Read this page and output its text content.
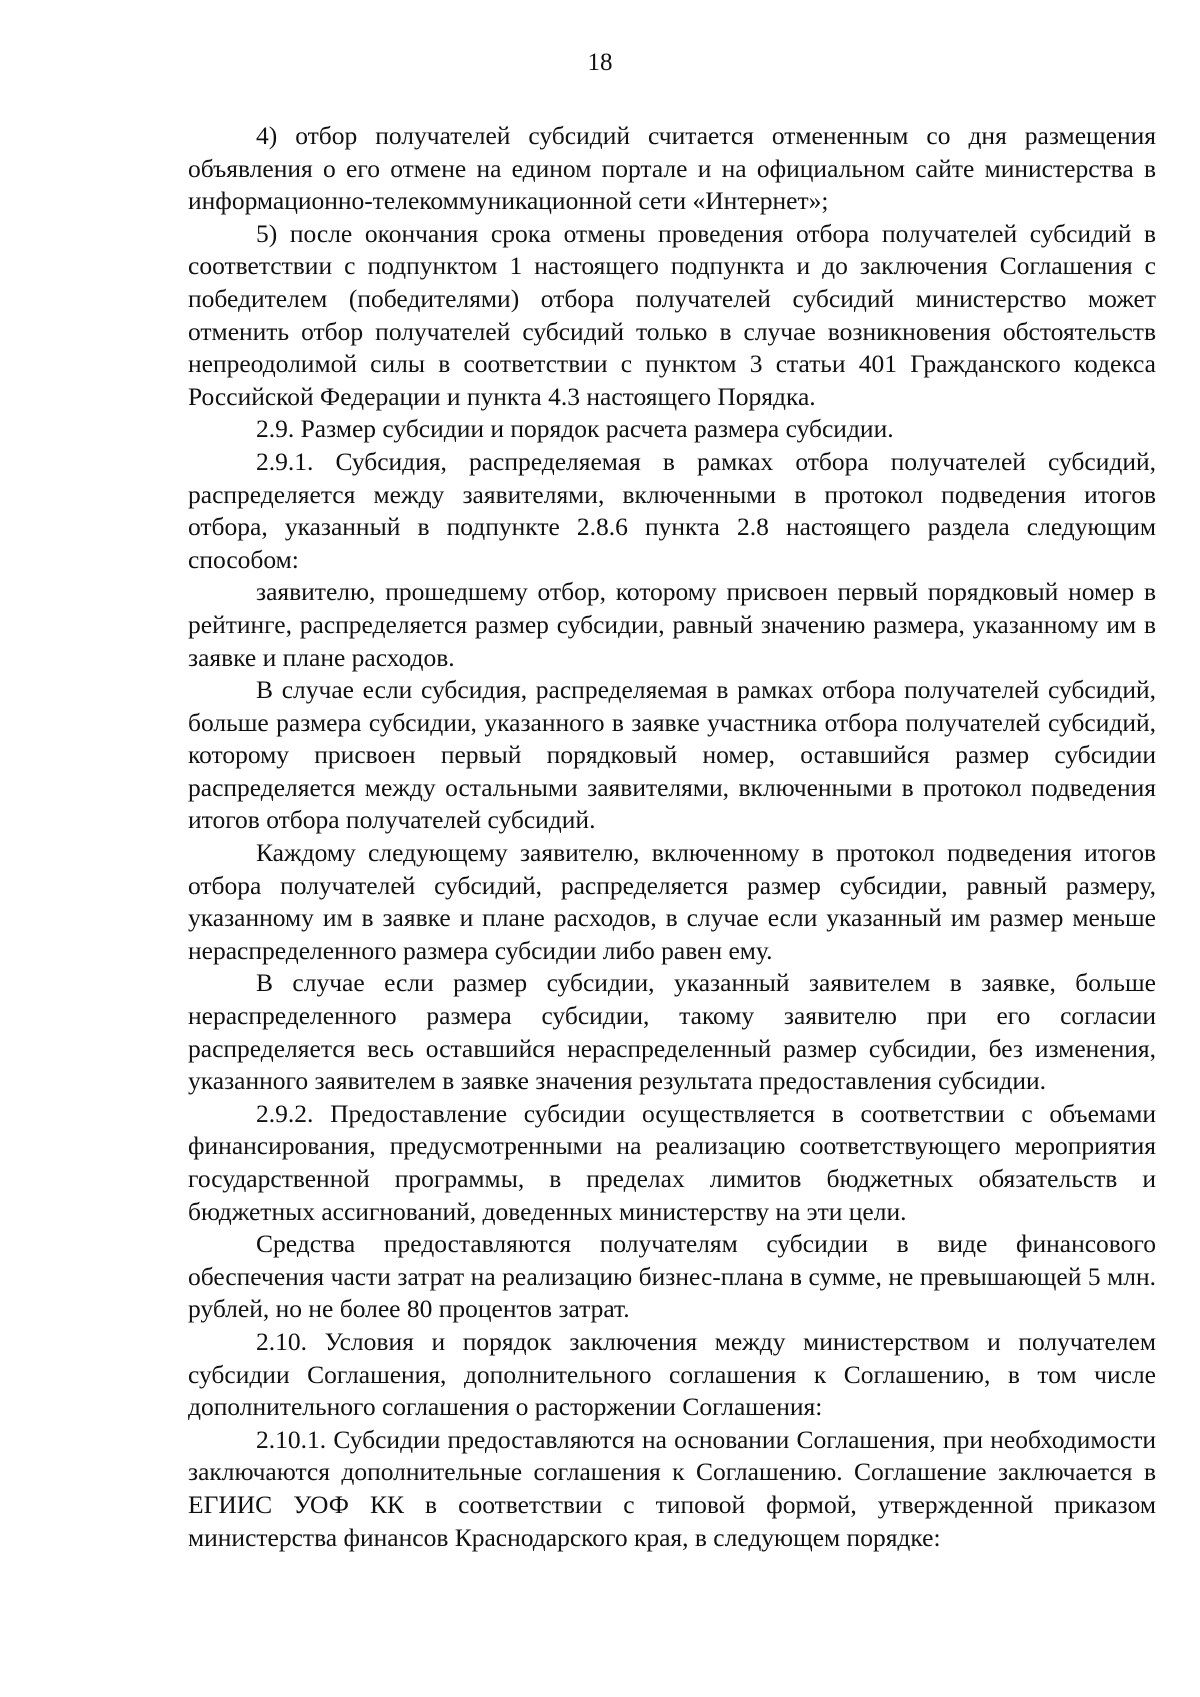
18

4) отбор получателей субсидий считается отмененным со дня размещения объявления о его отмене на едином портале и на официальном сайте министерства в информационно-телекоммуникационной сети «Интернет»;

5) после окончания срока отмены проведения отбора получателей субсидий в соответствии с подпунктом 1 настоящего подпункта и до заключения Соглашения с победителем (победителями) отбора получателей субсидий министерство может отменить отбор получателей субсидий только в случае возникновения обстоятельств непреодолимой силы в соответствии с пунктом 3 статьи 401 Гражданского кодекса Российской Федерации и пункта 4.3 настоящего Порядка.

2.9. Размер субсидии и порядок расчета размера субсидии.

2.9.1. Субсидия, распределяемая в рамках отбора получателей субсидий, распределяется между заявителями, включенными в протокол подведения итогов отбора, указанный в подпункте 2.8.6 пункта 2.8 настоящего раздела следующим способом:

заявителю, прошедшему отбор, которому присвоен первый порядковый номер в рейтинге, распределяется размер субсидии, равный значению размера, указанному им в заявке и плане расходов.

В случае если субсидия, распределяемая в рамках отбора получателей субсидий, больше размера субсидии, указанного в заявке участника отбора получателей субсидий, которому присвоен первый порядковый номер, оставшийся размер субсидии распределяется между остальными заявителями, включенными в протокол подведения итогов отбора получателей субсидий.

Каждому следующему заявителю, включенному в протокол подведения итогов отбора получателей субсидий, распределяется размер субсидии, равный размеру, указанному им в заявке и плане расходов, в случае если указанный им размер меньше нераспределенного размера субсидии либо равен ему.

В случае если размер субсидии, указанный заявителем в заявке, больше нераспределенного размера субсидии, такому заявителю при его согласии распределяется весь оставшийся нераспределенный размер субсидии, без изменения, указанного заявителем в заявке значения результата предоставления субсидии.

2.9.2. Предоставление субсидии осуществляется в соответствии с объемами финансирования, предусмотренными на реализацию соответствующего мероприятия государственной программы, в пределах лимитов бюджетных обязательств и бюджетных ассигнований, доведенных министерству на эти цели.

Средства предоставляются получателям субсидии в виде финансового обеспечения части затрат на реализацию бизнес-плана в сумме, не превышающей 5 млн. рублей, но не более 80 процентов затрат.

2.10. Условия и порядок заключения между министерством и получателем субсидии Соглашения, дополнительного соглашения к Соглашению, в том числе дополнительного соглашения о расторжении Соглашения:

2.10.1. Субсидии предоставляются на основании Соглашения, при необходимости заключаются дополнительные соглашения к Соглашению. Соглашение заключается в ЕГИИС УОФ КК в соответствии с типовой формой, утвержденной приказом министерства финансов Краснодарского края, в следующем порядке:
